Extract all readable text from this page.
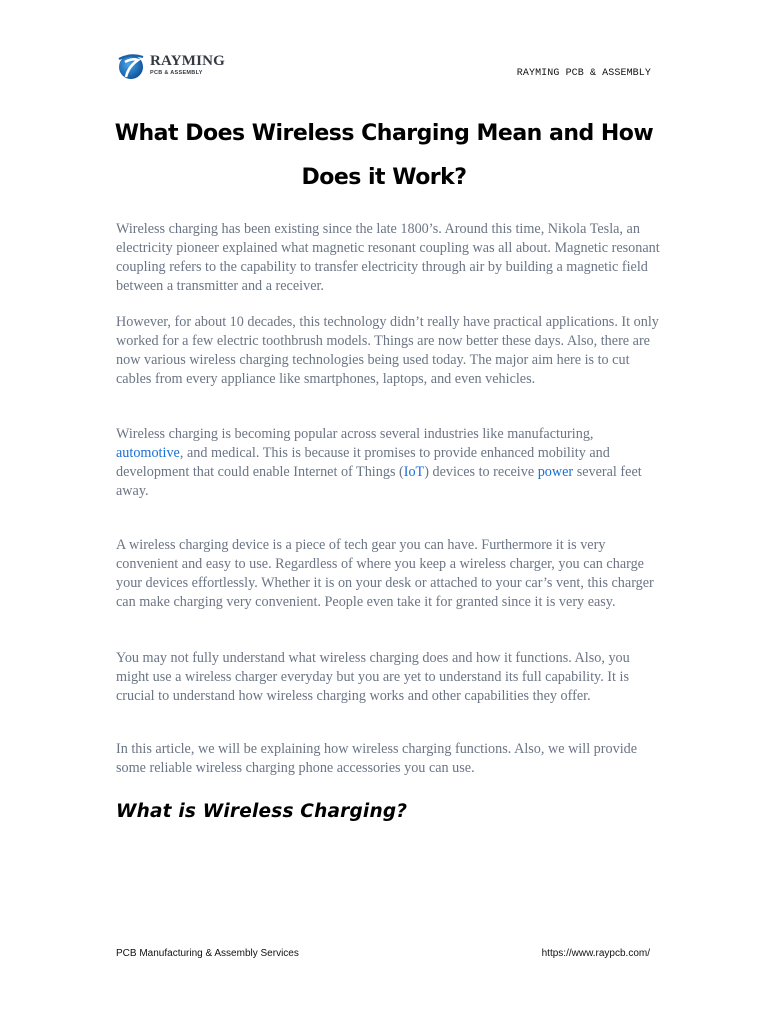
RAYMING
PCB & ASSEMBLY	RAYMING PCB & ASSEMBLY
What Does Wireless Charging Mean and How Does it Work?

Wireless charging has been existing since the late 1800’s. Around this time, Nikola Tesla, an electricity pioneer explained what magnetic resonant coupling was all about. Magnetic resonant coupling refers to the capability to transfer electricity through air by building a magnetic field between a transmitter and a receiver.

However, for about 10 decades, this technology didn’t really have practical applications. It only worked for a few electric toothbrush models. Things are now better these days. Also, there are now various wireless charging technologies being used today. The major aim here is to cut cables from every appliance like smartphones, laptops, and even vehicles.

Wireless charging is becoming popular across several industries like manufacturing, automotive, and medical. This is because it promises to provide enhanced mobility and development that could enable Internet of Things (IoT) devices to receive power several feet away.

A wireless charging device is a piece of tech gear you can have. Furthermore it is very convenient and easy to use. Regardless of where you keep a wireless charger, you can charge your devices effortlessly. Whether it is on your desk or attached to your car’s vent, this charger can make charging very convenient. People even take it for granted since it is very easy.

You may not fully understand what wireless charging does and how it functions. Also, you might use a wireless charger everyday but you are yet to understand its full capability. It is crucial to understand how wireless charging works and other capabilities they offer.

In this article, we will be explaining how wireless charging functions. Also, we will provide some reliable wireless charging phone accessories you can use.

What is Wireless Charging?
PCB Manufacturing & Assembly Services	https://www.raypcb.com/
